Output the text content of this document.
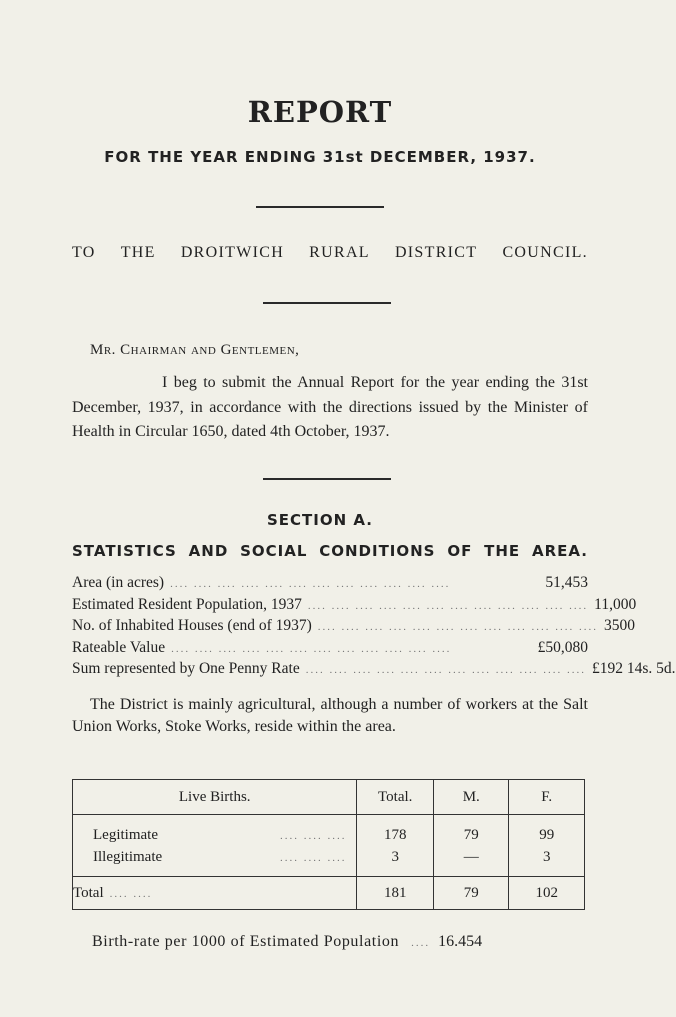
REPORT
FOR THE YEAR ENDING 31st DECEMBER, 1937.
TO THE DROITWICH RURAL DISTRICT COUNCIL.
Mr. Chairman and Gentlemen,

I beg to submit the Annual Report for the year ending the 31st December, 1937, in accordance with the directions issued by the Minister of Health in Circular 1650, dated 4th October, 1937.

SECTION A.
STATISTICS AND SOCIAL CONDITIONS OF THE AREA.
Area (in acres) .... .... .... .... .... .... .... .... .... .... .... ....	51,453
Estimated Resident Population, 1937 .... .... .... .... .... .... .... .... .... .... .... .... 11,000
No. of Inhabited Houses (end of 1937) .... .... .... .... .... .... .... .... .... .... .... .... 3500
Rateable Value .... .... .... .... .... .... .... .... .... .... .... ....	£50,080
Sum represented by One Penny Rate .... .... .... .... .... .... .... .... .... .... .... .... £192 14s. 5d.

The District is mainly agricultural, although a number of workers at the Salt Union Works, Stoke Works, reside within the area.

Live Births.	Total.	M.	F.

Legitimate .... .... ....	178	79	99

Illegitimate .... .... ....	3	—	3

Total .... ....	181	79	102
Birth-rate per 1000 of Estimated Population	.... 16.454
